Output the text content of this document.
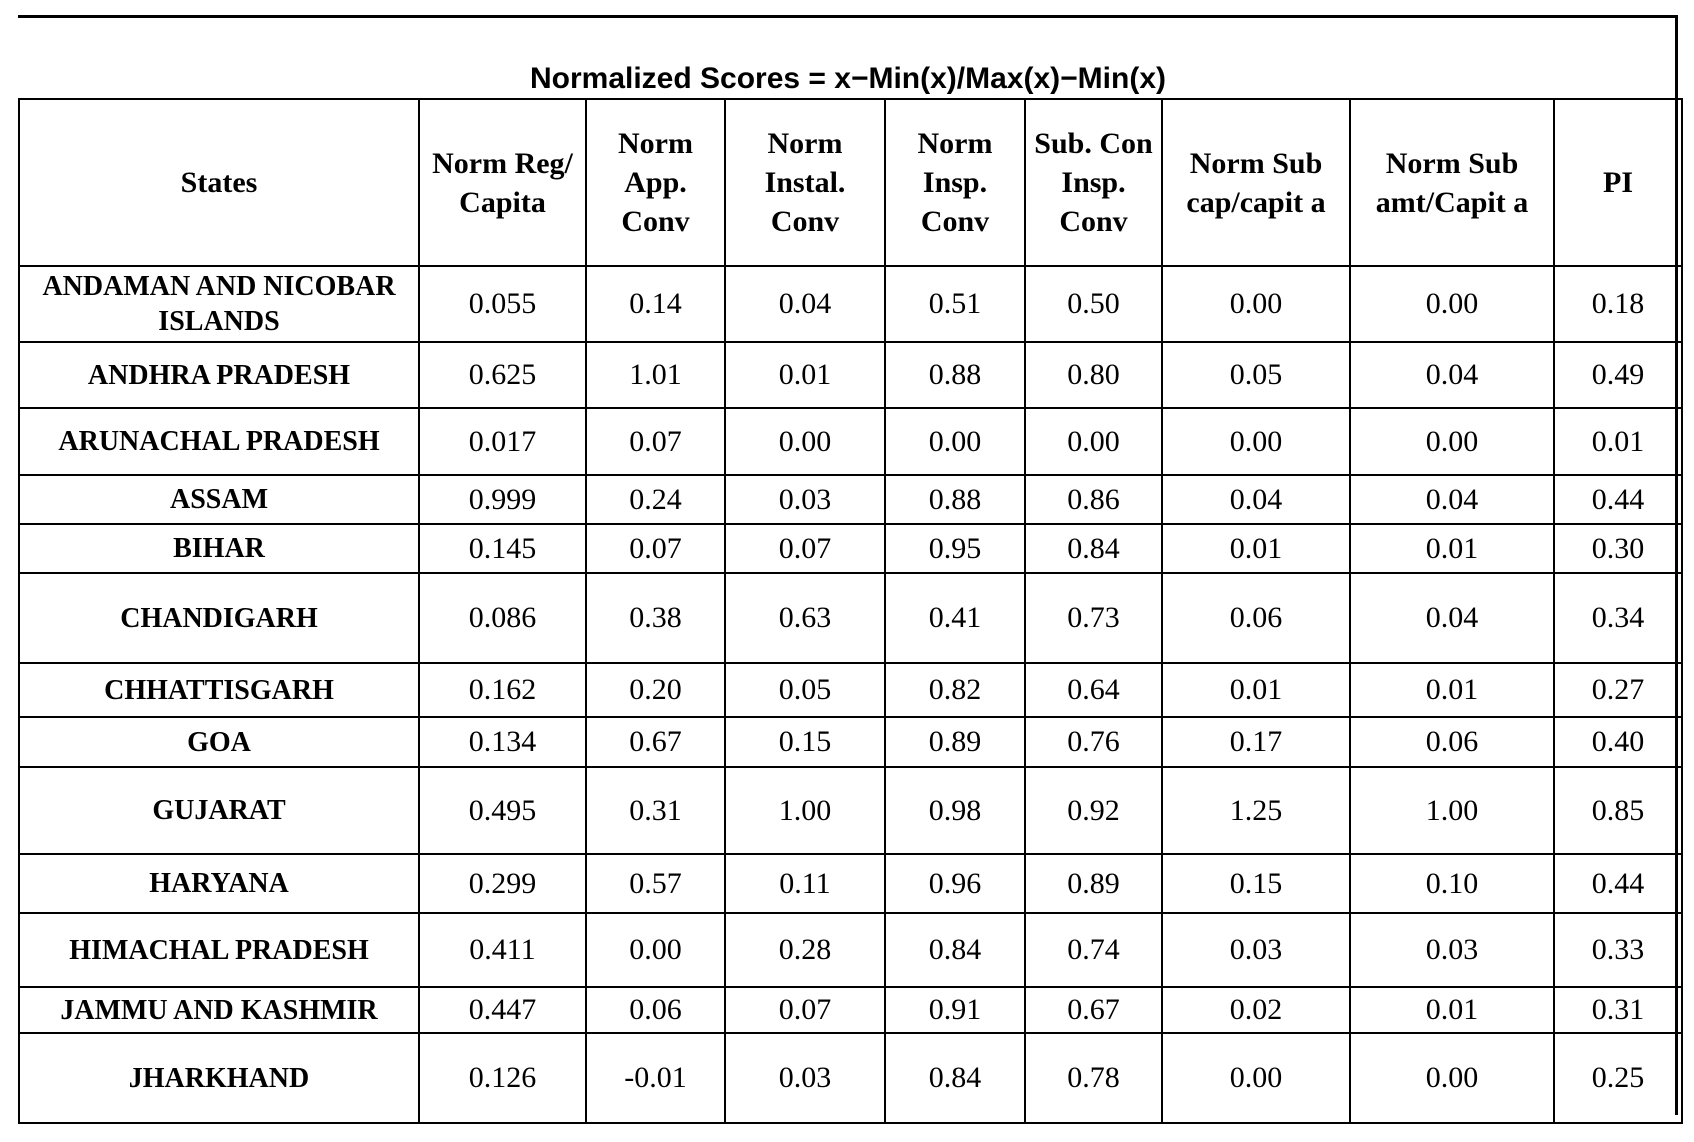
Normalized Scores = x−Min(x)/Max(x)−Min(x)
States	Norm Reg/ Capita	Norm App. Conv	Norm Instal. Conv	Norm Insp. Conv	Sub. Con Insp. Conv	Norm Sub cap/capit a	Norm Sub amt/Capit a	PI
ANDAMAN AND NICOBAR ISLANDS	0.055	0.14	0.04	0.51	0.50	0.00	0.00	0.18
ANDHRA PRADESH	0.625	1.01	0.01	0.88	0.80	0.05	0.04	0.49
ARUNACHAL PRADESH	0.017	0.07	0.00	0.00	0.00	0.00	0.00	0.01
ASSAM	0.999	0.24	0.03	0.88	0.86	0.04	0.04	0.44
BIHAR	0.145	0.07	0.07	0.95	0.84	0.01	0.01	0.30
CHANDIGARH	0.086	0.38	0.63	0.41	0.73	0.06	0.04	0.34
CHHATTISGARH	0.162	0.20	0.05	0.82	0.64	0.01	0.01	0.27
GOA	0.134	0.67	0.15	0.89	0.76	0.17	0.06	0.40
GUJARAT	0.495	0.31	1.00	0.98	0.92	1.25	1.00	0.85
HARYANA	0.299	0.57	0.11	0.96	0.89	0.15	0.10	0.44
HIMACHAL PRADESH	0.411	0.00	0.28	0.84	0.74	0.03	0.03	0.33
JAMMU AND KASHMIR	0.447	0.06	0.07	0.91	0.67	0.02	0.01	0.31
JHARKHAND	0.126	-0.01	0.03	0.84	0.78	0.00	0.00	0.25
